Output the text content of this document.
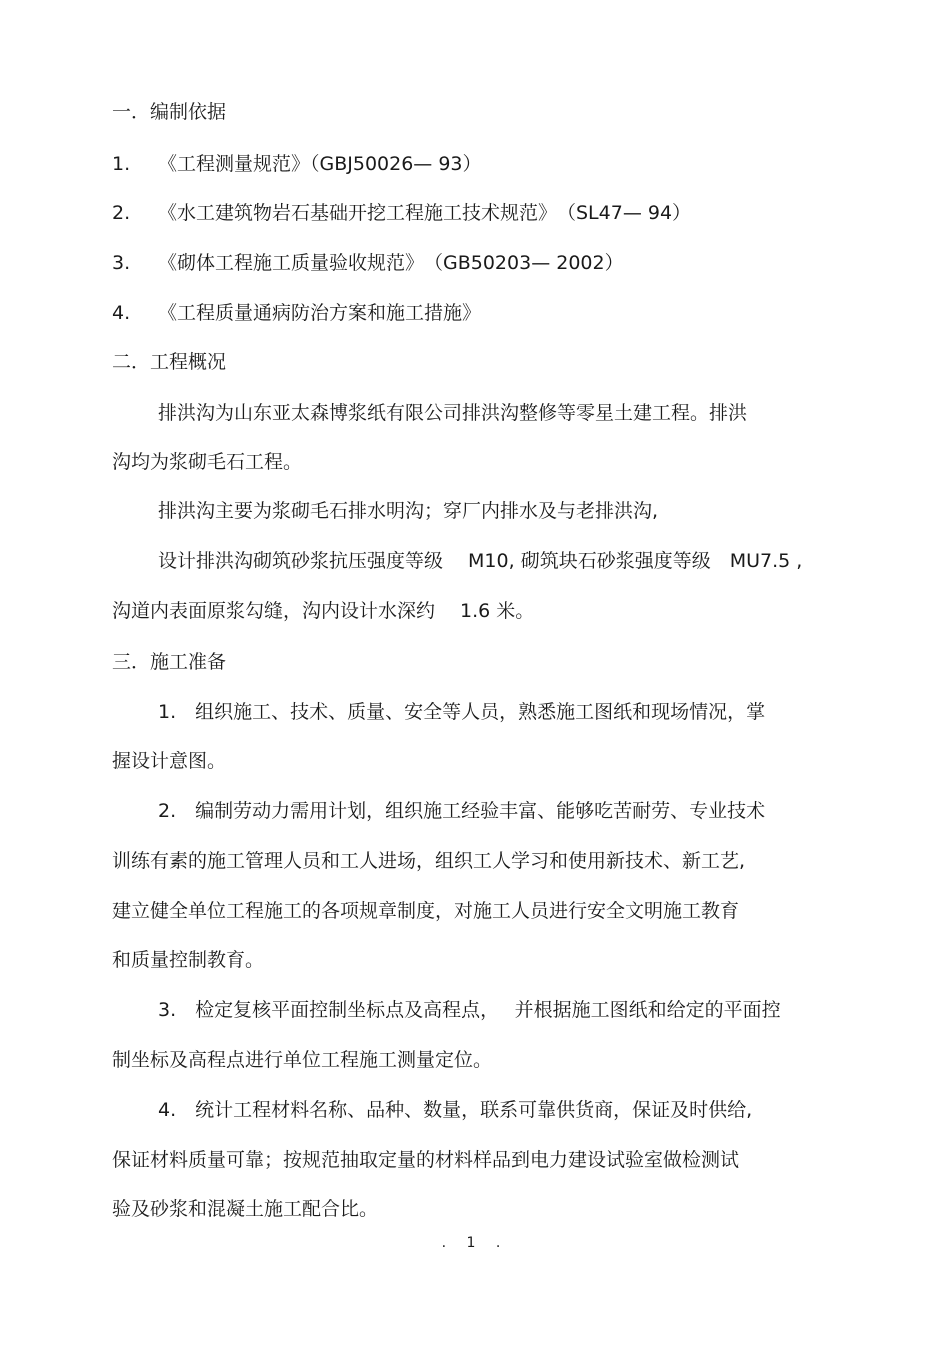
一．编制依据
1. 《工程测量规范》（GBJ50026— 93）
2. 《水工建筑物岩石基础开挖工程施工技术规范》　（SL47— 94）
3. 《砌体工程施工质量验收规范》　（GB50203— 2002）
4. 《工程质量通病防治方案和施工措施》
二．工程概况
排洪沟为山东亚太森博浆纸有限公司排洪沟整修等零星土建工程。排洪
沟均为浆砌毛石工程。
排洪沟主要为浆砌毛石排水明沟；穿厂内排水及与老排洪沟,
设计排洪沟砌筑砂浆抗压强度等级　 M10, 砌筑块石砂浆强度等级　MU7.5 ,
沟道内表面原浆勾缝，沟内设计水深约　 1.6 米。
三．施工准备
1.　组织施工、技术、质量、安全等人员，熟悉施工图纸和现场情况，掌
握设计意图。
2.　编制劳动力需用计划，组织施工经验丰富、能够吃苦耐劳、专业技术
训练有素的施工管理人员和工人进场，组织工人学习和使用新技术、新工艺,
建立健全单位工程施工的各项规章制度，对施工人员进行安全文明施工教育
和质量控制教育。
3.　检定复核平面控制坐标点及高程点，　 并根据施工图纸和给定的平面控
制坐标及高程点进行单位工程施工测量定位。
4.　统计工程材料名称、品种、数量，联系可靠供货商，保证及时供给,
保证材料质量可靠；按规范抽取定量的材料样品到电力建设试验室做检测试
验及砂浆和混凝土施工配合比。
. 1 .
